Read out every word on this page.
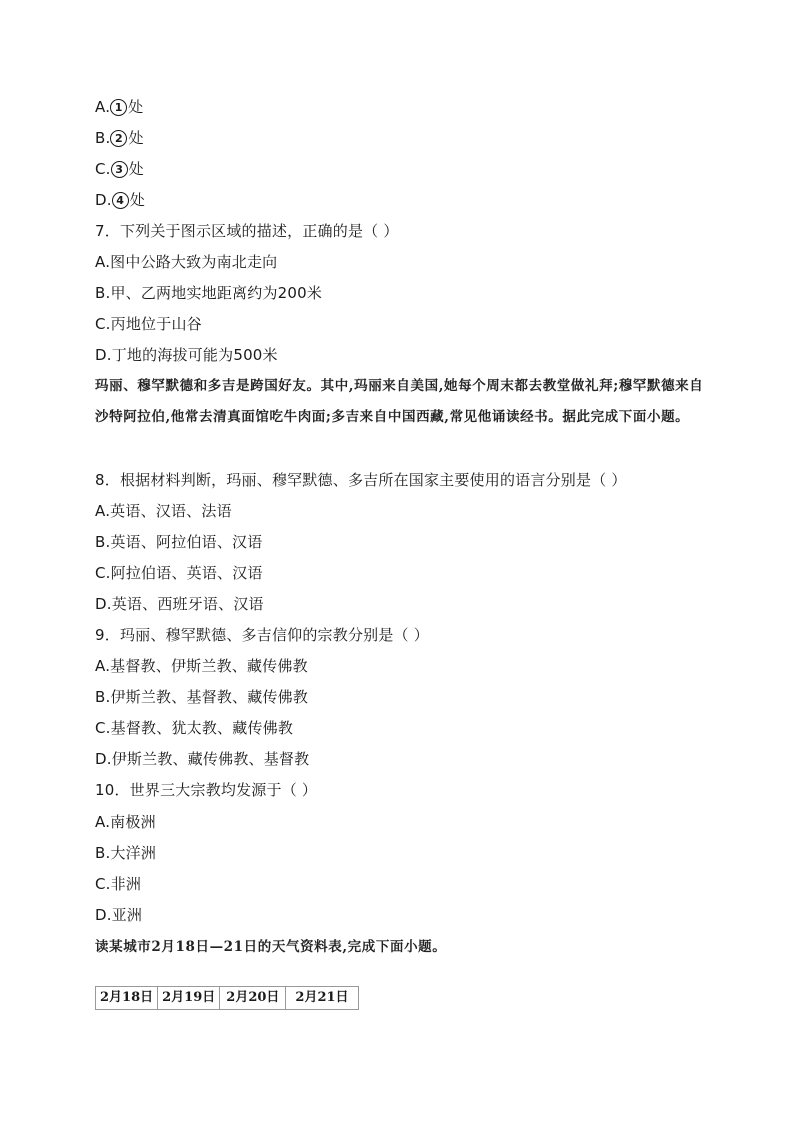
A. 1 处
B. 2 处
C. 3 处
D. 4 处
7．下列关于图示区域的描述，正确的是（ ）
A.图中公路大致为南北走向
B.甲、乙两地实地距离约为200米
C.丙地位于山谷
D.丁地的海拔可能为500米
玛丽、穆罕默德和多吉是跨国好友。其中,玛丽来自美国,她每个周末都去教堂做礼拜;穆罕默德来自沙特阿拉伯,他常去清真面馆吃牛肉面;多吉来自中国西藏,常见他诵读经书。据此完成下面小题。
8．根据材料判断，玛丽、穆罕默德、多吉所在国家主要使用的语言分别是（ ）
A.英语、汉语、法语
B.英语、阿拉伯语、汉语
C.阿拉伯语、英语、汉语
D.英语、西班牙语、汉语
9．玛丽、穆罕默德、多吉信仰的宗教分别是（ ）
A.基督教、伊斯兰教、藏传佛教
B.伊斯兰教、基督教、藏传佛教
C.基督教、犹太教、藏传佛教
D.伊斯兰教、藏传佛教、基督教
10．世界三大宗教均发源于（ ）
A.南极洲
B.大洋洲
C.非洲
D.亚洲
读某城市2月18日—21日的天气资料表,完成下面小题。
2月18日	2月19日	2月20日	2月21日
